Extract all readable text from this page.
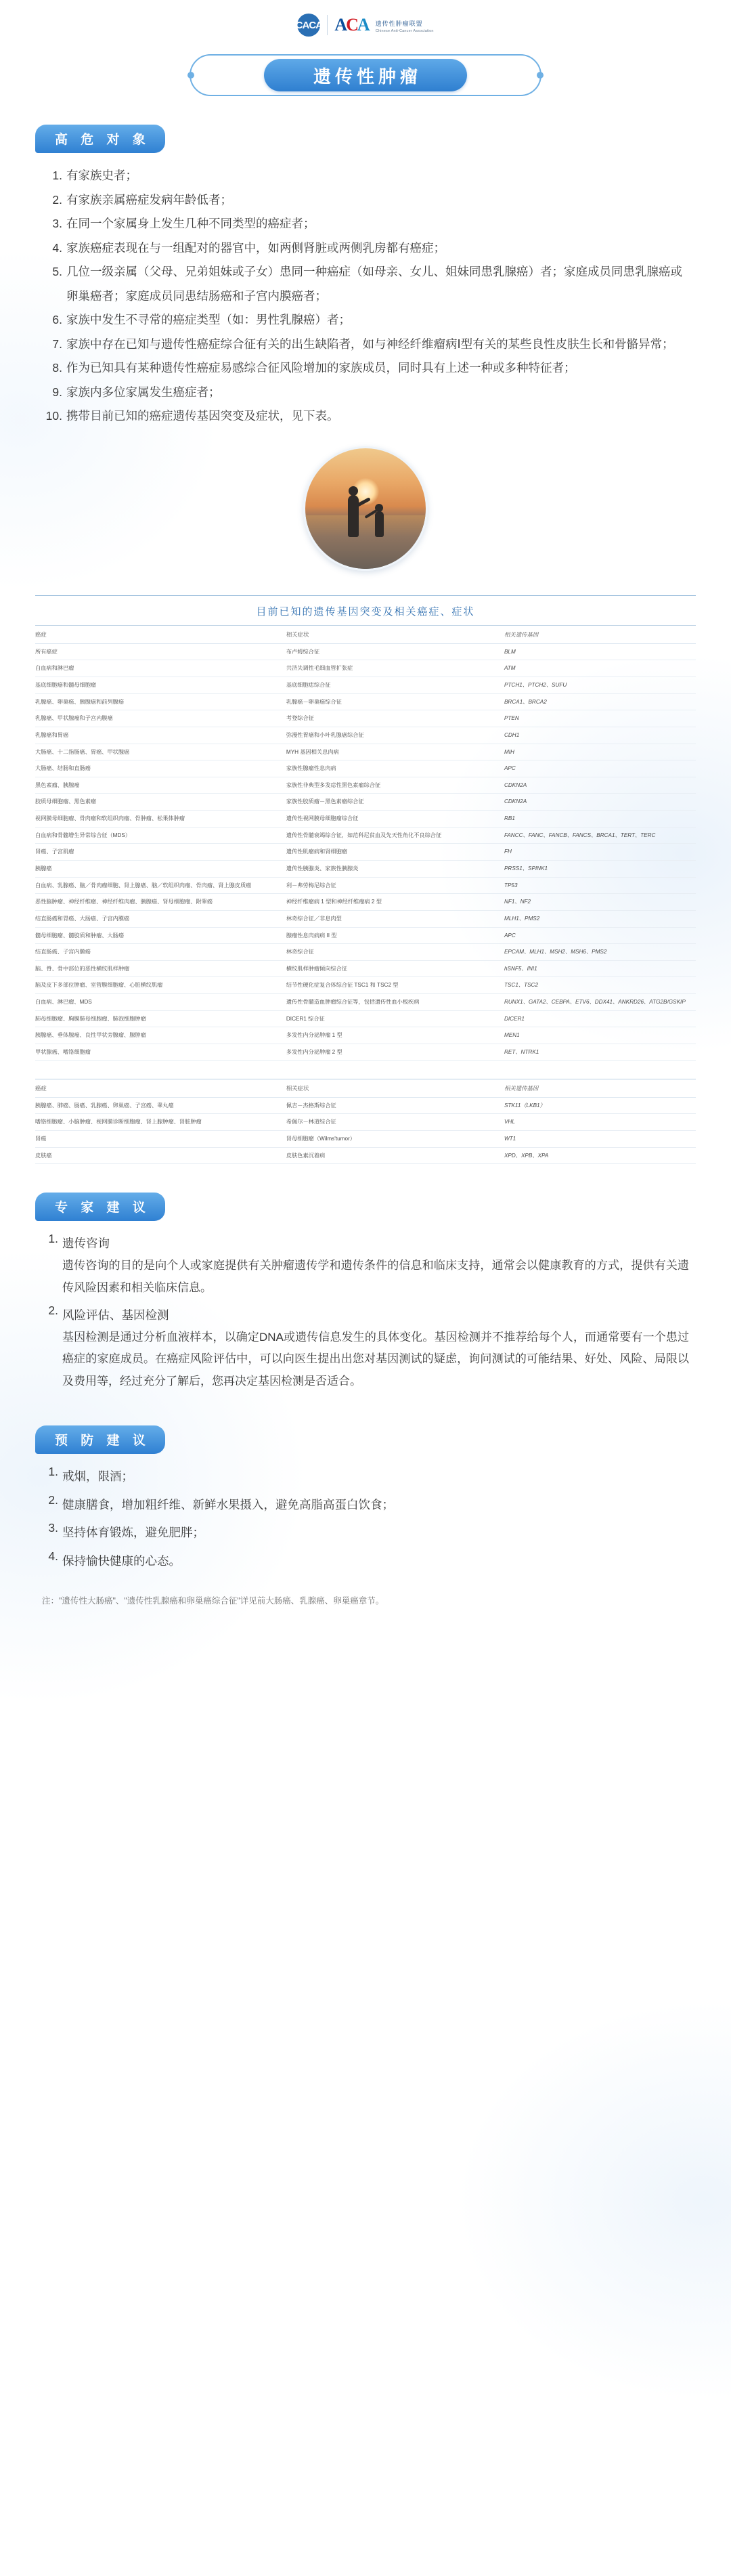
CACA ACA 遗传性肿瘤联盟
Chinese Anti-Cancer Association
遗传性肿瘤
高 危 对 象
有家族史者；
有家族亲属癌症发病年龄低者；
在同一个家属身上发生几种不同类型的癌症者；
家族癌症表现在与一组配对的器官中，如两侧肾脏或两侧乳房都有癌症；
几位一级亲属（父母、兄弟姐妹或子女）患同一种癌症（如母亲、女儿、姐妹同患乳腺癌）者；家庭成员同患乳腺癌或卵巢癌者；家庭成员同患结肠癌和子宫内膜癌者；
家族中发生不寻常的癌症类型（如：男性乳腺癌）者；
家族中存在已知与遗传性癌症综合征有关的出生缺陷者，如与神经纤维瘤病Ⅰ型有关的某些良性皮肤生长和骨骼异常；
作为已知具有某种遗传性癌症易感综合征风险增加的家族成员，同时具有上述一种或多种特征者；
家族内多位家属发生癌症者；
携带目前已知的癌症遗传基因突变及症状，见下表。
目前已知的遗传基因突变及相关癌症、症状
癌症	相关症状	相关遗传基因
所有癌症	布卢姆综合征	BLM
白血病和淋巴瘤	共济失调性毛细血管扩张症	ATM
基底细胞癌和髓母细胞瘤	基底细胞痣综合征	PTCH1、PTCH2、SUFU
乳腺癌、卵巢癌、胰腺癌和前列腺癌	乳腺癌－卵巢癌综合征	BRCA1、BRCA2
乳腺癌、甲状腺癌和子宫内膜癌	考登综合征	PTEN
乳腺癌和胃癌	弥漫性胃癌和小叶乳腺癌综合征	CDH1
大肠癌、十二指肠癌、胃癌、甲状腺癌	MYH 基因相关息肉病	MIH
大肠癌、结肠和直肠癌	家族性腺瘤性息肉病	APC
黑色素瘤、胰腺癌	家族性非典型多发痣性黑色素瘤综合征	CDKN2A
胶质母细胞瘤、黑色素瘤	家族性胶质瘤－黑色素瘤综合征	CDKN2A
视网膜母细胞瘤、骨肉瘤和软组织肉瘤、骨肿瘤、松果体肿瘤	遗传性视网膜母细胞瘤综合征	RB1
白血病和骨髓增生异常综合征（MDS）	遗传性骨髓衰竭综合征，如范科尼贫血及先天性角化不良综合征	FANCC、FANC、FANCB、FANCS、BRCA1、TERT、TERC
肾癌、子宫肌瘤	遗传性肌瘤病和肾细胞瘤	FH
胰腺癌	遗传性胰腺炎、家族性胰腺炎	PRSS1、SPINK1
白血病、乳腺癌、脑／骨肉瘤细胞、肾上腺癌、脑／软组织肉瘤、骨肉瘤、肾上腺皮质癌	利－弗劳梅尼综合征	TP53
恶性脑肿瘤、神经纤维瘤、神经纤维肉瘤、胰腺癌、肾母细胞瘤、附睾癌	神经纤维瘤病 1 型和神经纤维瘤病 2 型	NF1、NF2
结直肠癌和胃癌、大肠癌、子宫内膜癌	林奇综合征／非息肉型	MLH1、PMS2
髓母细胞瘤、髓胶质和肿瘤、大肠癌	腺瘤性息肉病病 II 型	APC
结直肠癌、子宫内膜癌	林奇综合征	EPCAM、MLH1、MSH2、MSH6、PMS2
脑、脊、骨中部位的恶性横纹肌样肿瘤	横纹肌样肿瘤倾向综合征	hSNF5、INI1
脑及皮下多部位肿瘤、室管膜细胞瘤、心脏横纹肌瘤	结节性硬化症复合体综合征 TSC1 和 TSC2 型	TSC1、TSC2
白血病、淋巴瘤、MDS	遗传性骨髓造血肿瘤综合征等，包括遗传性血小板疾病	RUNX1、GATA2、CEBPA、ETV6、DDX41、ANKRD26、ATG2B/GSKIP
肺母细胞瘤、胸膜肺母细胞瘤、肺泡细胞肿瘤	DICER1 综合征	DICER1
胰腺癌、垂体腺癌、良性甲状旁腺瘤、腺肿瘤	多发性内分泌肿瘤 1 型	MEN1
甲状腺癌、嗜铬细胞瘤	多发性内分泌肿瘤 2 型	RET、NTRK1
癌症	相关症状	相关遗传基因
胰腺癌、肺癌、肠癌、乳腺癌、卵巢癌、子宫癌、睾丸癌	佩吉－杰格斯综合征	STK11（LKB1）
嗜铬细胞瘤、小脑肿瘤、视网膜诊断细胞瘤、肾上腺肿瘤、肾脏肿瘤	希佩尔－林道综合征	VHL
肾癌	肾母细胞瘤（Wilms'tumor）	WT1
皮肤癌	皮肤色素沉着病	XPD、XPB、XPA
专 家 建 议
遗传咨询
遗传咨询的目的是向个人或家庭提供有关肿瘤遗传学和遗传条件的信息和临床支持，通常会以健康教育的方式，提供有关遗传风险因素和相关临床信息。
风险评估、基因检测
基因检测是通过分析血液样本，以确定DNA或遗传信息发生的具体变化。基因检测并不推荐给每个人，而通常要有一个患过癌症的家庭成员。在癌症风险评估中，可以向医生提出出您对基因测试的疑虑，询问测试的可能结果、好处、风险、局限以及费用等，经过充分了解后，您再决定基因检测是否适合。
预 防 建 议
戒烟，限酒；
健康膳食，增加粗纤维、新鲜水果摄入，避免高脂高蛋白饮食；
坚持体育锻炼，避免肥胖；
保持愉快健康的心态。
注："遗传性大肠癌"、"遗传性乳腺癌和卵巢癌综合征"详见前大肠癌、乳腺癌、卵巢癌章节。
